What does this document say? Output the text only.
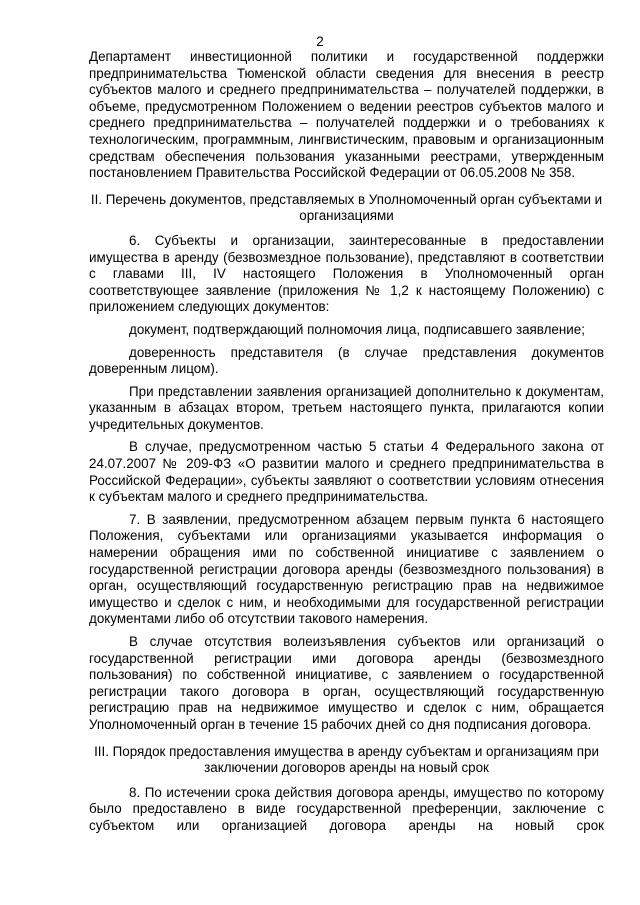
2

Департамент инвестиционной политики и государственной поддержки предпринимательства Тюменской области сведения для внесения в реестр субъектов малого и среднего предпринимательства – получателей поддержки, в объеме, предусмотренном Положением о ведении реестров субъектов малого и среднего предпринимательства – получателей поддержки и о требованиях к технологическим, программным, лингвистическим, правовым и организационным средствам обеспечения пользования указанными реестрами, утвержденным постановлением Правительства Российской Федерации от 06.05.2008 № 358.

II. Перечень документов, представляемых в Уполномоченный орган субъектами и организациями

6. Субъекты и организации, заинтересованные в предоставлении имущества в аренду (безвозмездное пользование), представляют в соответствии с главами III, IV настоящего Положения в Уполномоченный орган соответствующее заявление (приложения № 1,2 к настоящему Положению) с приложением следующих документов:

документ, подтверждающий полномочия лица, подписавшего заявление;

доверенность представителя (в случае представления документов доверенным лицом).

При представлении заявления организацией дополнительно к документам, указанным в абзацах втором, третьем настоящего пункта, прилагаются копии учредительных документов.

В случае, предусмотренном частью 5 статьи 4 Федерального закона от 24.07.2007 № 209-ФЗ «О развитии малого и среднего предпринимательства в Российской Федерации», субъекты заявляют о соответствии условиям отнесения к субъектам малого и среднего предпринимательства.

7. В заявлении, предусмотренном абзацем первым пункта 6 настоящего Положения, субъектами или организациями указывается информация о намерении обращения ими по собственной инициативе с заявлением о государственной регистрации договора аренды (безвозмездного пользования) в орган, осуществляющий государственную регистрацию прав на недвижимое имущество и сделок с ним, и необходимыми для государственной регистрации документами либо об отсутствии такового намерения.

В случае отсутствия волеизъявления субъектов или организаций о государственной регистрации ими договора аренды (безвозмездного пользования) по собственной инициативе, с заявлением о государственной регистрации такого договора в орган, осуществляющий государственную регистрацию прав на недвижимое имущество и сделок с ним, обращается Уполномоченный орган в течение 15 рабочих дней со дня подписания договора.

III. Порядок предоставления имущества в аренду субъектам и организациям при заключении договоров аренды на новый срок

8. По истечении срока действия договора аренды, имущество по которому было предоставлено в виде государственной преференции, заключение с субъектом или организацией договора аренды на новый срок
